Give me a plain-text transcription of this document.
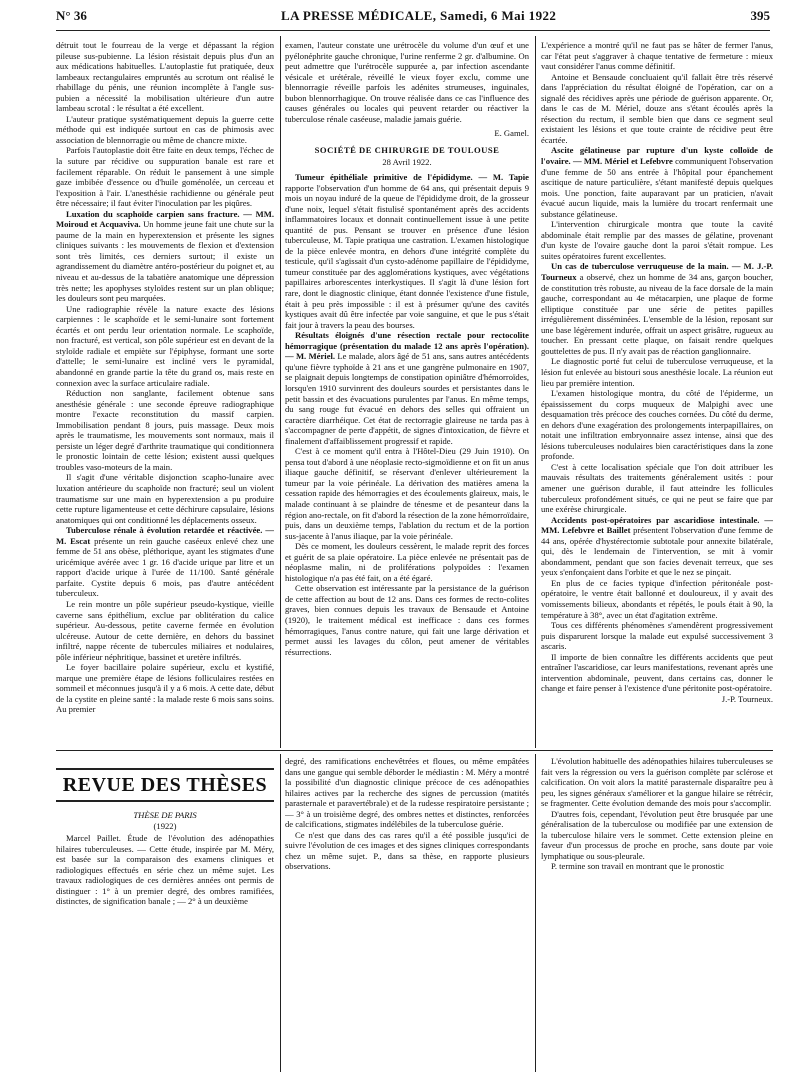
N° 36	LA PRESSE MÉDICALE, Samedi, 6 Mai 1922	395

détruit tout le fourreau de la verge et dépassant la région pileuse sus-pubienne. La lésion résistait depuis plus d'un an aux médications habituelles. L'autoplastie fut pratiquée, deux lambeaux rectangulaires empruntés au scrotum ont réalisé le rhabillage du pénis, une réunion incomplète à l'angle sus-pubien a nécessité la mobilisation ultérieure d'un autre lambeau scrotal : le résultat a été excellent.

L'auteur pratique systématiquement depuis la guerre cette méthode qui est indiquée surtout en cas de phimosis avec association de blennorragie ou même de chancre mixte.

Parfois l'autoplastie doit être faite en deux temps, l'échec de la suture par récidive ou suppuration banale est rare et facilement réparable. On réduit le pansement à une simple gaze imbibée d'essence ou d'huile goménolée, un cerceau et l'exposition à l'air. L'anesthésie rachidienne ou générale peut être nécessaire; il faut éviter l'inoculation par les piqûres.

Luxation du scaphoïde carpien sans fracture. — MM. Moiroud et Acquaviva. Un homme jeune fait une chute sur la paume de la main en hyperextension et présente les signes cliniques suivants : les mouvements de flexion et d'extension sont très limités, ces derniers surtout; il existe un agrandissement du diamètre antéro-postérieur du poignet et, au niveau et au-dessus de la tabatière anatomique une dépression très nette; les apophyses styloïdes restent sur un plan oblique; les douleurs sont peu marquées.

Une radiographie révèle la nature exacte des lésions carpiennes : le scaphoïde et le semi-lunaire sont fortement écartés et ont perdu leur orientation normale. Le scaphoïde, non fracturé, est vertical, son pôle supérieur est en devant de la styloïde radiale et empiète sur l'épiphyse, formant une sorte d'attelle; le semi-lunaire est incliné vers le pyramidal, abandonné en grande partie la tête du grand os, mais reste en connexion avec la surface articulaire radiale.

Réduction non sanglante, facilement obtenue sans anesthésie générale : une seconde épreuve radiographique montre l'exacte reconstitution du massif carpien. Immobilisation pendant 8 jours, puis massage. Deux mois après le traumatisme, les mouvements sont normaux, mais il persiste un léger degré d'arthrite traumatique qui conditionnera le pronostic lointain de cette lésion; existent aussi quelques troubles vaso-moteurs de la main.

Il s'agit d'une véritable disjonction scapho-lunaire avec luxation antérieure du scaphoïde non fracturé; seul un violent traumatisme sur une main en hyperextension a pu produire cette rupture ligamenteuse et cette déchirure capsulaire, lésions anatomiques qui ont conditionné les déplacements osseux.

Tuberculose rénale à évolution retardée et réactivée. — M. Escat présente un rein gauche caséeux enlevé chez une femme de 51 ans obèse, pléthorique, ayant les stigmates d'une uricémique avérée avec 1 gr. 16 d'acide urique par litre et un rapport d'acide urique à l'urée de 11/100. Santé générale parfaite. Cystite depuis 6 mois, pas d'autre antécédent tuberculeux.

Le rein montre un pôle supérieur pseudo-kystique, vieille caverne sans épithélium, exclue par oblitération du calice supérieur. Au-dessous, petite caverne fermée en évolution ulcéreuse. Autour de cette dernière, en dehors du bassinet infiltré, nappe récente de tubercules miliaires et nodulaires, pôle inférieur néphritique, bassinet et uretère infiltrés.

Le foyer bacillaire polaire supérieur, exclu et kystifié, marque une première étape de lésions folliculaires restées en sommeil et méconnues jusqu'à il y a 6 mois. A cette date, début de la cystite en pleine santé : la malade reste 6 mois sans soins. Au premier

examen, l'auteur constate une urétrocèle du volume d'un œuf et une pyélonéphrite gauche chronique, l'urine renferme 2 gr. d'albumine. On peut admettre que l'urétrocèle suppurée a, par infection ascendante vésicale et urétérale, réveillé le vieux foyer exclu, comme une blennorragie réveille parfois les adénites strumeuses, inguinales, bubon blennorrhagique. On trouve réalisée dans ce cas l'influence des causes générales ou locales qui peuvent retarder ou réactiver la tuberculose rénale caséeuse, maladie jamais guérie.

E. Gamel.
SOCIÉTÉ DE CHIRURGIE DE TOULOUSE
28 Avril 1922.

Tumeur épithéliale primitive de l'épididyme. — M. Tapie rapporte l'observation d'un homme de 64 ans, qui présentait depuis 9 mois un noyau induré de la queue de l'épididyme droit, de la grosseur d'une noix, lequel s'était fistulisé spontanément après des accidents inflammatoires locaux et donnait continuellement issue à une petite quantité de pus. Pensant se trouver en présence d'une lésion tuberculeuse, M. Tapie pratiqua une castration. L'examen histologique de la pièce enlevée montra, en dehors d'une intégrité complète du testicule, qu'il s'agissait d'un cysto-adénome papillaire de l'épididyme, tumeur constituée par des agglomérations kystiques, avec végétations papillaires arborescentes interkystiques. Il s'agit là d'une lésion fort rare, dont le diagnostic clinique, étant donnée l'existence d'une fistule, était à peu près impossible : il est à présumer qu'une des cavités kystiques avait dû être infectée par voie sanguine, et que le pus s'était fait jour à travers la peau des bourses.

Résultats éloignés d'une résection rectale pour rectocolite hémorragique (présentation du malade 12 ans après l'opération). — M. Mériel. Le malade, alors âgé de 51 ans, sans autres antécédents qu'une fièvre typhoïde à 21 ans et une gangrène pulmonaire en 1907, se plaignait depuis longtemps de constipation opiniâtre d'hémorroïdes, lorsqu'en 1910 survinrent des douleurs sourdes et persistantes dans le petit bassin et des évacuations purulentes par l'anus. En même temps, du sang rouge fut évacué en dehors des selles qui offraient un caractère diarrhéique. Cet état de rectorragie glaireuse ne tarda pas à s'accompagner de perte d'appétit, de signes d'intoxication, de fièvre et finalement d'affaiblissement progressif et rapide.

C'est à ce moment qu'il entra à l'Hôtel-Dieu (29 Juin 1910). On pensa tout d'abord à une néoplasie recto-sigmoïdienne et on fit un anus iliaque gauche définitif, se réservant d'enlever ultérieurement la tumeur par la voie périnéale. La dérivation des matières amena la cessation rapide des hémorragies et des écoulements glaireux, mais, le malade continuant à se plaindre de ténesme et de pesanteur dans la région ano-rectale, on fit d'abord la résection de la zone hémorroïdaire, puis, dans un deuxième temps, l'ablation du rectum et de la portion sus-jacente à l'anus iliaque, par la voie périnéale.

Dès ce moment, les douleurs cessèrent, le malade reprit des forces et guérit de sa plaie opératoire. La pièce enlevée ne présentait pas de néoplasme malin, ni de proliférations polypoïdes : l'examen histologique n'a pas été fait, on a été égaré.

Cette observation est intéressante par la persistance de la guérison de cette affection au bout de 12 ans. Dans ces formes de recto-colites graves, bien connues depuis les travaux de Bensaude et Antoine (1920), le traitement médical est inefficace : dans ces formes hémorragiques, l'anus contre nature, qui fait une large dérivation et permet aussi les lavages du côlon, peut amener de véritables résurrections.

L'expérience a montré qu'il ne faut pas se hâter de fermer l'anus, car l'état peut s'aggraver à chaque tentative de fermeture : mieux vaut considérer l'anus comme définitif.

Antoine et Bensaude concluaient qu'il fallait être très réservé dans l'appréciation du résultat éloigné de l'opération, car on a signalé des récidives après une période de guérison apparente. Or, dans le cas de M. Mériel, douze ans s'étant écoulés après la résection du rectum, il semble bien que dans ce segment seul existaient les lésions et que toute crainte de récidive peut être écartée.

Ascite gélatineuse par rupture d'un kyste colloïde de l'ovaire. — MM. Mériel et Lefebvre communiquent l'observation d'une femme de 50 ans entrée à l'hôpital pour épanchement ascitique de nature particulière, s'étant manifesté depuis quelques mois. Une ponction, faite auparavant par un praticien, n'avait évacué aucun liquide, mais la lumière du trocart renfermait une substance gélatineuse.

L'intervention chirurgicale montra que toute la cavité abdominale était remplie par des masses de gélatine, provenant d'un kyste de l'ovaire gauche dont la paroi s'était rompue. Les suites opératoires furent excellentes.

Un cas de tuberculose verruqueuse de la main. — M. J.-P. Tourneux a observé, chez un homme de 34 ans, garçon boucher, de constitution très robuste, au niveau de la face dorsale de la main gauche, correspondant au 4e métacarpien, une plaque de forme elliptique constituée par une série de petites papilles irrégulièrement disséminées. L'ensemble de la lésion, reposant sur une base légèrement indurée, offrait un aspect grisâtre, rugueux au toucher. En pressant cette plaque, on faisait rendre quelques gouttelettes de pus. Il n'y avait pas de réaction ganglionnaire.

Le diagnostic porté fut celui de tuberculose verruqueuse, et la lésion fut enlevée au bistouri sous anesthésie locale. La réunion eut lieu par première intention.

L'examen histologique montra, du côté de l'épiderme, un épaississement du corps muqueux de Malpighi avec une desquamation très précoce des couches cornées. Du côté du derme, en dehors d'une exagération des prolongements interpapillaires, on notait une infiltration embryonnaire assez intense, ainsi que des lésions tuberculeuses nodulaires bien caractéristiques dans la zone profonde.

C'est à cette localisation spéciale que l'on doit attribuer les mauvais résultats des traitements généralement usités : pour amener une guérison durable, il faut atteindre les follicules tuberculeux profondément situés, ce qui ne peut se faire que par une exérèse chirurgicale.

Accidents post-opératoires par ascaridiose intestinale. — MM. Lefebvre et Baillet présentent l'observation d'une femme de 44 ans, opérée d'hystérectomie subtotale pour annexite bilatérale, qui, dès le lendemain de l'intervention, se mit à vomir abondamment, pendant que son facies devenait terreux, que ses yeux s'enfonçaient dans l'orbite et que le nez se pinçait.

En plus de ce facies typique d'infection péritonéale post-opératoire, le ventre était ballonné et douloureux, il y avait des vomissements bilieux, abondants et répétés, le pouls était à 90, la température à 38°, avec un état d'agitation extrême.

Tous ces différents phénomènes s'amendèrent progressivement puis disparurent lorsque la malade eut expulsé successivement 3 ascaris.

Il importe de bien connaître les différents accidents que peut entraîner l'ascaridiose, car leurs manifestations, revenant après une intervention abdominale, peuvent, dans certains cas, donner le change et faire penser à l'existence d'une péritonite post-opératoire.

J.-P. Tourneux.
REVUE DES THÈSES
THÈSE DE PARIS
(1922)

Marcel Paillet. Étude de l'évolution des adénopathies hilaires tuberculeuses. — Cette étude, inspirée par M. Méry, est basée sur la comparaison des examens cliniques et radiologiques effectués en série chez un même sujet. Les travaux radiologiques de ces dernières années ont permis de distinguer : 1° à un premier degré, des ombres ramifiées, distinctes, de signification banale ; — 2° à un deuxième

degré, des ramifications enchevêtrées et floues, ou même empâtées dans une gangue qui semble déborder le médiastin : M. Méry a montré la possibilité d'un diagnostic clinique précoce de ces adénopathies hilaires actives par la recherche des signes de percussion (matités parasternale et paravertébrale) et de la rudesse respiratoire persistante ; — 3° à un troisième degré, des ombres nettes et distinctes, renforcées de calcifications, stigmates indélébiles de la tuberculose guérie.

Ce n'est que dans des cas rares qu'il a été possible jusqu'ici de suivre l'évolution de ces images et des signes cliniques correspondants chez un même sujet. P., dans sa thèse, en rapporte plusieurs observations.

L'évolution habituelle des adénopathies hilaires tuberculeuses se fait vers la régression ou vers la guérison complète par sclérose et calcification. On voit alors la matité parasternale disparaître peu à peu, les signes généraux s'améliorer et la gangue hilaire se rétrécir, se fragmenter. Cette évolution demande des mois pour s'accomplir.

D'autres fois, cependant, l'évolution peut être brusquée par une généralisation de la tuberculose ou modifiée par une extension de la tuberculose hilaire vers le sommet. Cette extension pleine en faveur d'un processus de proche en proche, sans doute par voie lymphatique ou sous-pleurale.

P. termine son travail en montrant que le pronostic
